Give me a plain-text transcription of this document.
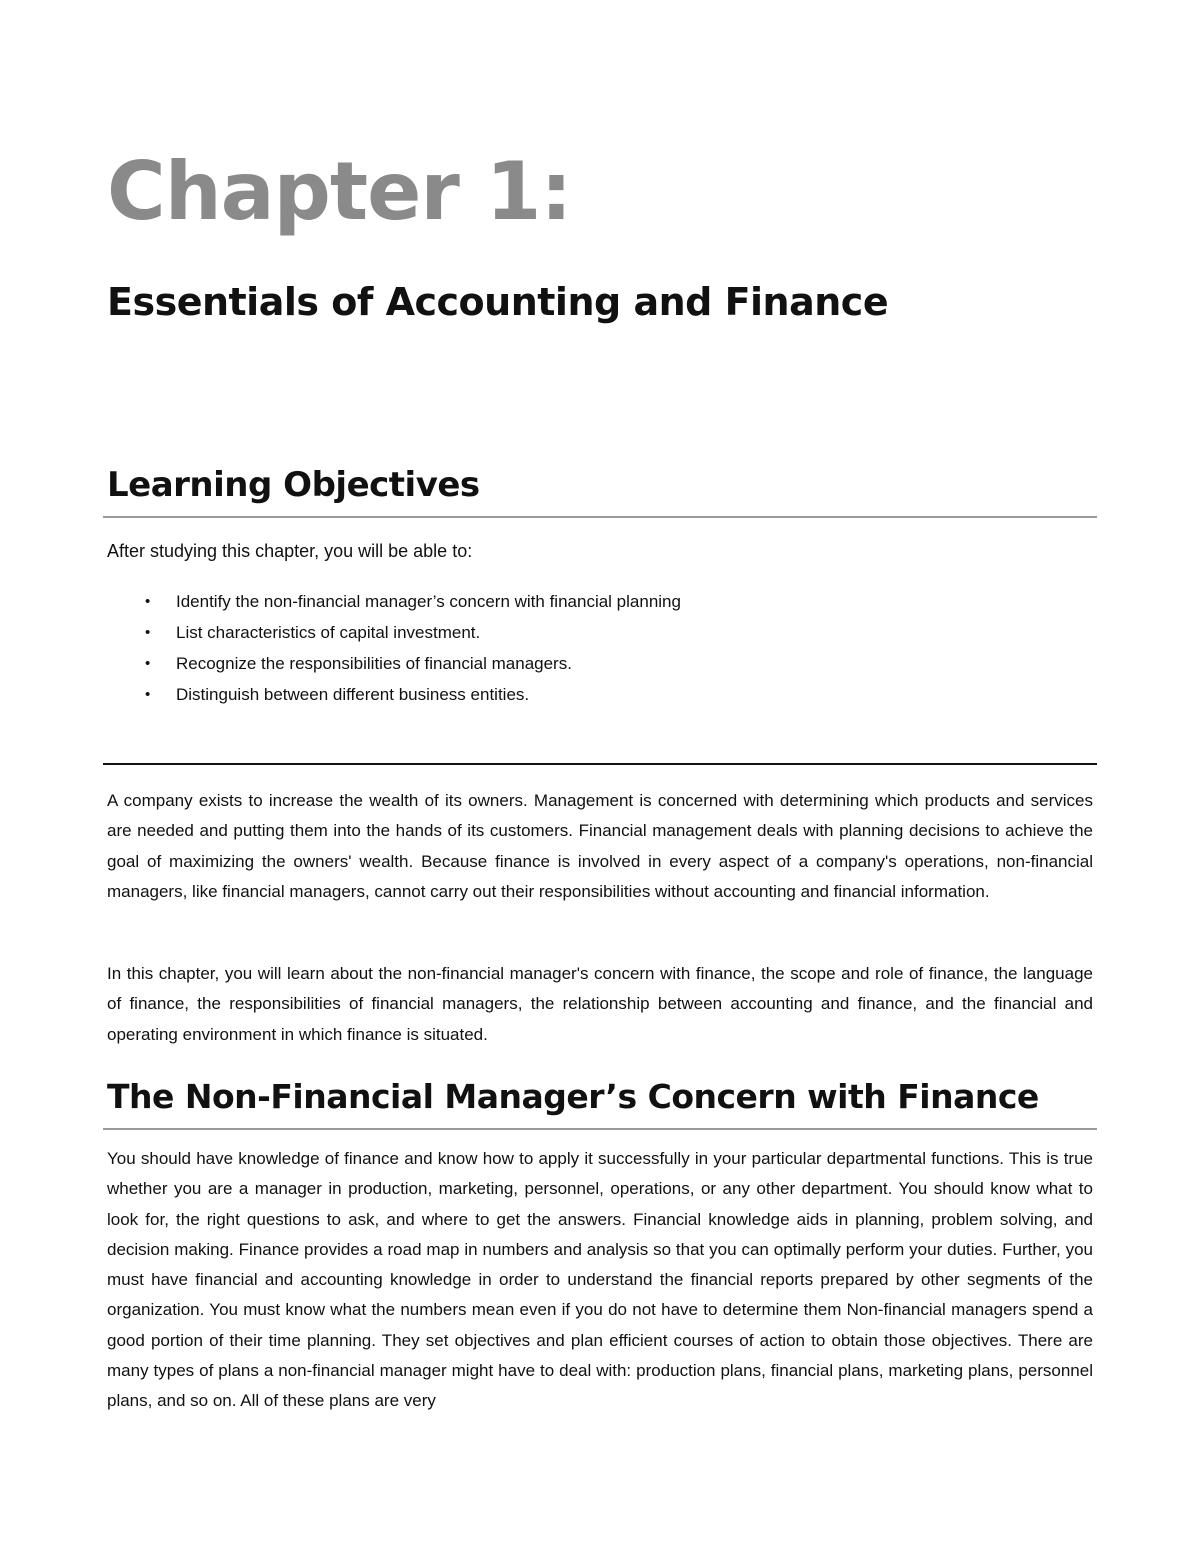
Chapter 1:
Essentials of Accounting and Finance
Learning Objectives

After studying this chapter, you will be able to:

• Identify the non-financial manager’s concern with financial planning
• List characteristics of capital investment.
• Recognize the responsibilities of financial managers.
• Distinguish between different business entities.

A company exists to increase the wealth of its owners. Management is concerned with determining which products and services are needed and putting them into the hands of its customers. Financial management deals with planning decisions to achieve the goal of maximizing the owners' wealth. Because finance is involved in every aspect of a company's operations, non-financial managers, like financial managers, cannot carry out their responsibilities without accounting and financial information.

In this chapter, you will learn about the non-financial manager's concern with finance, the scope and role of finance, the language of finance, the responsibilities of financial managers, the relationship between accounting and finance, and the financial and operating environment in which finance is situated.

The Non-Financial Manager’s Concern with Finance

You should have knowledge of finance and know how to apply it successfully in your particular departmental functions. This is true whether you are a manager in production, marketing, personnel, operations, or any other department. You should know what to look for, the right questions to ask, and where to get the answers. Financial knowledge aids in planning, problem solving, and decision making. Finance provides a road map in numbers and analysis so that you can optimally perform your duties. Further, you must have financial and accounting knowledge in order to understand the financial reports prepared by other segments of the organization. You must know what the numbers mean even if you do not have to determine them Non-financial managers spend a good portion of their time planning. They set objectives and plan efficient courses of action to obtain those objectives. There are many types of plans a non-financial manager might have to deal with: production plans, financial plans, marketing plans, personnel plans, and so on. All of these plans are very
